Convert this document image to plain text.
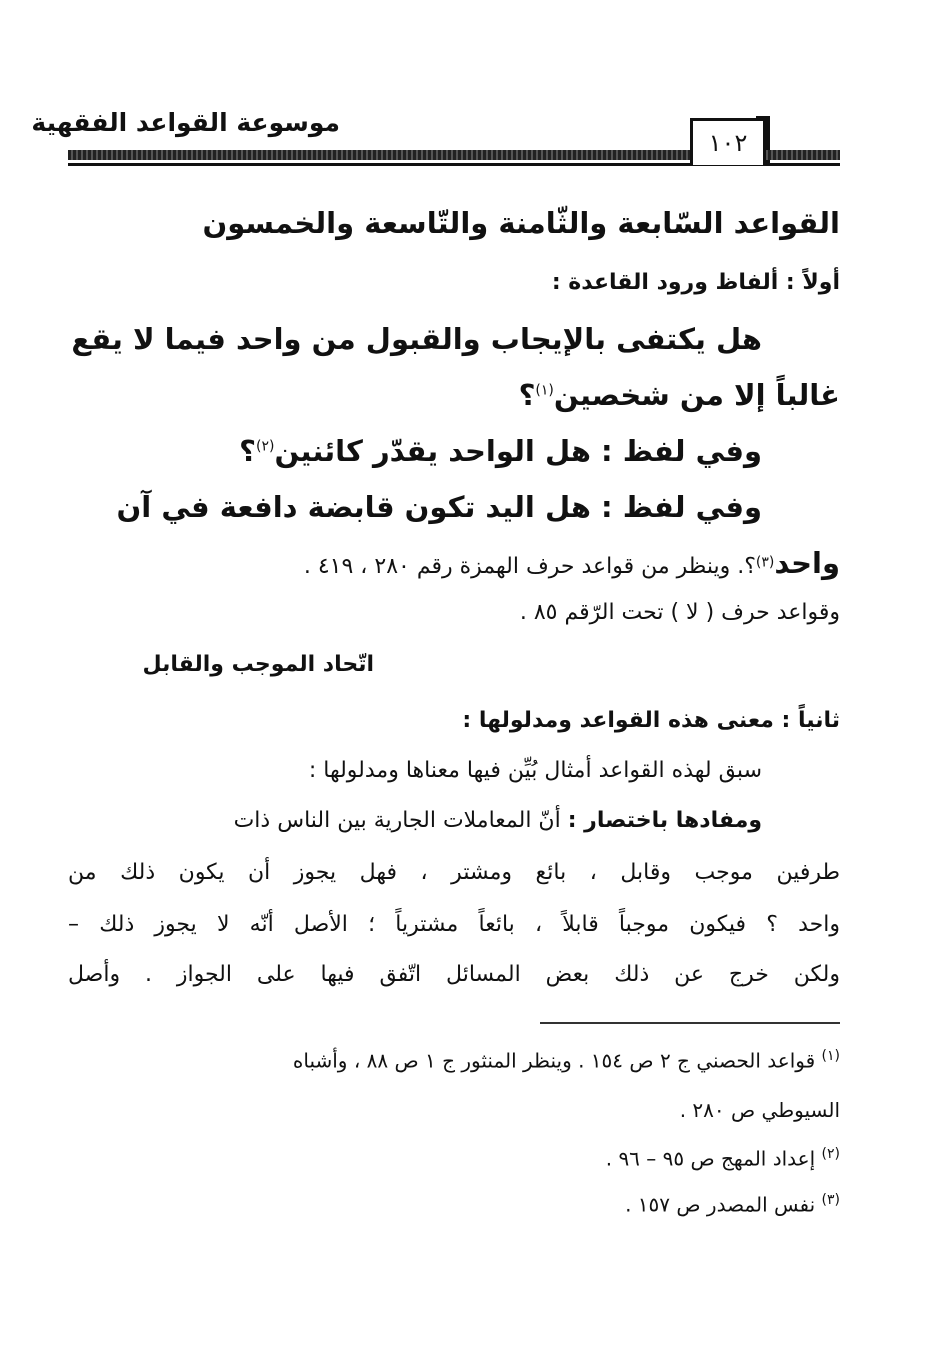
موسوعة القواعد الفقهية
١٠٢
القواعد السّابعة والثّامنة والتّاسعة والخمسون
أولاً : ألفاظ ورود القاعدة :
هل يكتفى بالإيجاب والقبول من واحد فيما لا يقع
غالباً إلا من شخصين$^{(١)}$؟
وفي لفظ : هل الواحد يقدّر كائنين$^{(٢)}$؟
وفي لفظ : هل اليد تكون قابضة دافعة في آن
واحد$^{(٣)}$؟. وينظر من قواعد حرف الهمزة رقم ٢٨٠ ، ٤١٩ .
وقواعد حرف ( لا ) تحت الرّقم ٨٥ .
اتّحاد الموجب والقابل
ثانياً : معنى هذه القواعد ومدلولها :
سبق لهذه القواعد أمثال بُيِّن فيها معناها ومدلولها :
ومفادها باختصار : أنّ المعاملات الجارية بين الناس ذات
طرفين موجب وقابل ، بائع ومشتر ، فهل يجوز أن يكون ذلك من
واحد ؟ فيكون موجباً قابلاً ، بائعاً مشترياً ؛ الأصل أنّه لا يجوز ذلك –
ولكن خرج عن ذلك بعض المسائل اتّفق فيها على الجواز . وأصل
$^{(١)}$ قواعد الحصني ج ٢ ص ١٥٤ . وينظر المنثور ج ١ ص ٨٨ ، وأشباه
السيوطي ص ٢٨٠ .
$^{(٢)}$ إعداد المهج ص ٩٥ – ٩٦ .
$^{(٣)}$ نفس المصدر ص ١٥٧ .
